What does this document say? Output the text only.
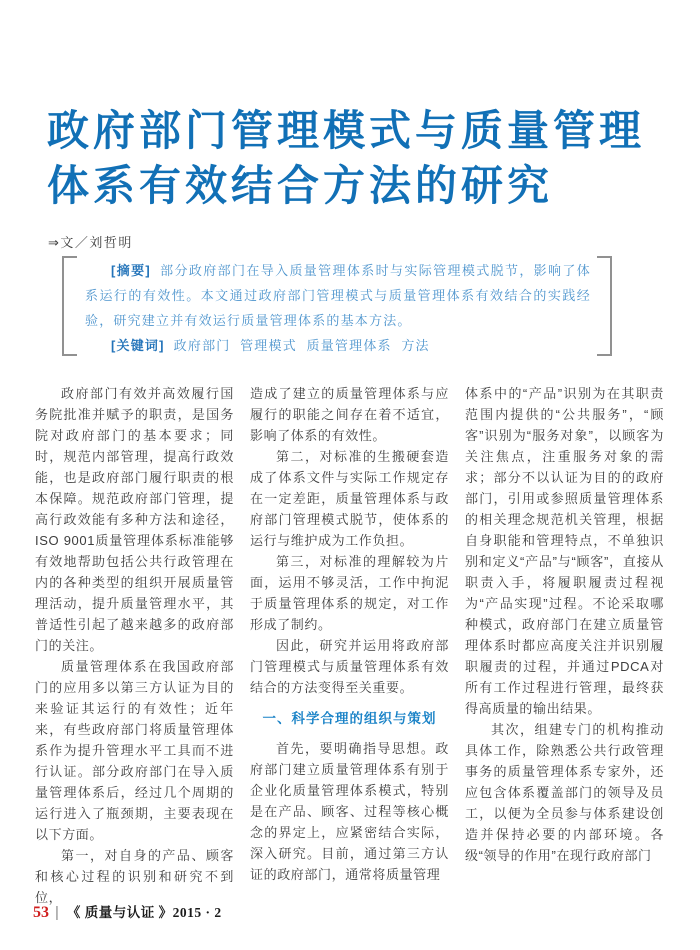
政府部门管理模式与质量管理
体系有效结合方法的研究
⇒文／刘哲明

[摘要] 部分政府部门在导入质量管理体系时与实际管理模式脱节，影响了体系运行的有效性。本文通过政府部门管理模式与质量管理体系有效结合的实践经验，研究建立并有效运行质量管理体系的基本方法。

[关键词] 政府部门  管理模式  质量管理体系  方法

政府部门有效并高效履行国务院批准并赋予的职责，是国务院对政府部门的基本要求；同时，规范内部管理，提高行政效能，也是政府部门履行职责的根本保障。规范政府部门管理，提高行政效能有多种方法和途径，ISO 9001质量管理体系标准能够有效地帮助包括公共行政管理在内的各种类型的组织开展质量管理活动，提升质量管理水平，其普适性引起了越来越多的政府部门的关注。

质量管理体系在我国政府部门的应用多以第三方认证为目的来验证其运行的有效性；近年来，有些政府部门将质量管理体系作为提升管理水平工具而不进行认证。部分政府部门在导入质量管理体系后，经过几个周期的运行进入了瓶颈期，主要表现在以下方面。

第一，对自身的产品、顾客和核心过程的识别和研究不到位，

造成了建立的质量管理体系与应履行的职能之间存在着不适宜，影响了体系的有效性。

第二，对标准的生搬硬套造成了体系文件与实际工作规定存在一定差距，质量管理体系与政府部门管理模式脱节，使体系的运行与维护成为工作负担。

第三，对标准的理解较为片面，运用不够灵活，工作中拘泥于质量管理体系的规定，对工作形成了制约。

因此，研究并运用将政府部门管理模式与质量管理体系有效结合的方法变得至关重要。

一、科学合理的组织与策划

首先，要明确指导思想。政府部门建立质量管理体系有别于企业化质量管理体系模式，特别是在产品、顾客、过程等核心概念的界定上，应紧密结合实际，深入研究。目前，通过第三方认证的政府部门，通常将质量管理

体系中的“产品”识别为在其职责范围内提供的“公共服务”，“顾客”识别为“服务对象”，以顾客为关注焦点，注重服务对象的需求；部分不以认证为目的的政府部门，引用或参照质量管理体系的相关理念规范机关管理，根据自身职能和管理特点，不单独识别和定义“产品”与“顾客”，直接从职责入手，将履职履责过程视为“产品实现”过程。不论采取哪种模式，政府部门在建立质量管理体系时都应高度关注并识别履职履责的过程，并通过PDCA对所有工作过程进行管理，最终获得高质量的输出结果。

其次，组建专门的机构推动具体工作，除熟悉公共行政管理事务的质量管理体系专家外，还应包含体系覆盖部门的领导及员工，以便为全员参与体系建设创造并保持必要的内部环境。各级“领导的作用”在现行政府部门

53 | 《 质量与认证 》2015 · 2
